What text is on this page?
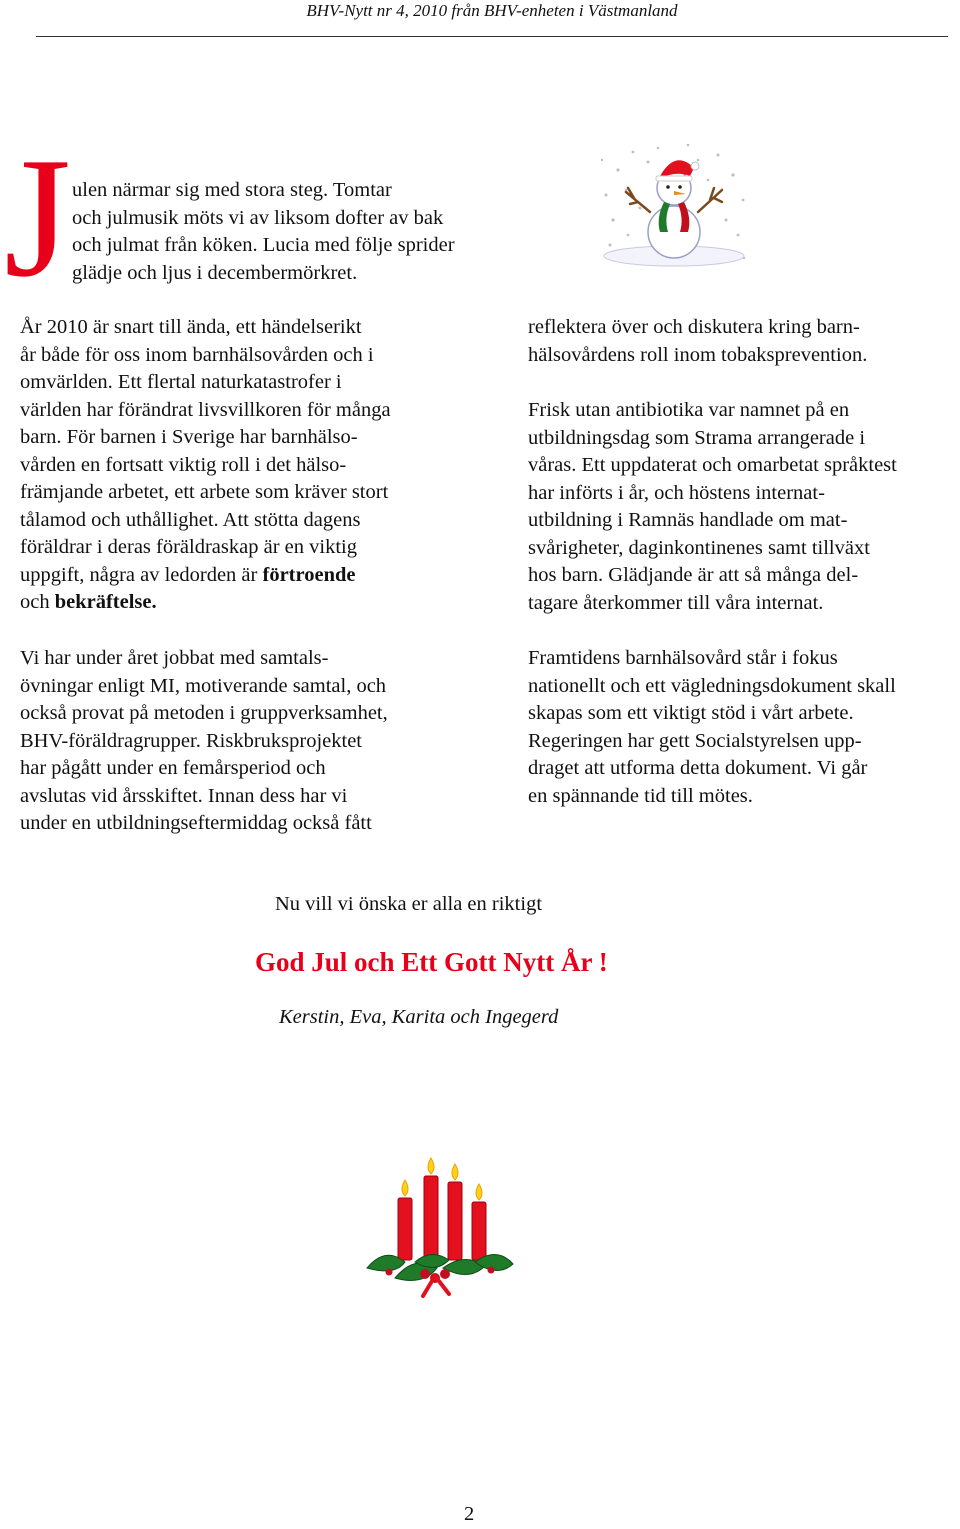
BHV-Nytt nr 4, 2010 från BHV-enheten i Västmanland
J ulen närmar sig med stora steg. Tomtar
och julmusik möts vi av liksom dofter av bak
och julmat från köken. Lucia med följe sprider
glädje och ljus i decembermörkret.
År 2010 är snart till ända, ett händelserikt
år både för oss inom barnhälsovården och i
omvärlden. Ett flertal naturkatastrofer i
världen har förändrat livsvillkoren för många
barn. För barnen i Sverige har barnhälso-
vården en fortsatt viktig roll i det hälso-
främjande arbetet, ett arbete som kräver stort
tålamod och uthållighet. Att stötta dagens
föräldrar i deras föräldraskap är en viktig
uppgift, några av ledorden är förtroende
och bekräftelse.
Vi har under året jobbat med samtals-
övningar enligt MI, motiverande samtal, och
också provat på metoden i gruppverksamhet,
BHV-föräldragrupper. Riskbruksprojektet
har pågått under en femårsperiod och
avslutas vid årsskiftet. Innan dess har vi
under en utbildningseftermiddag också fått
reflektera över och diskutera kring barn-
hälsovårdens roll inom tobaksprevention.
Frisk utan antibiotika var namnet på en
utbildningsdag som Strama arrangerade i
våras. Ett uppdaterat och omarbetat språktest
har införts i år, och höstens internat-
utbildning i Ramnäs handlade om mat-
svårigheter, daginkontinenes samt tillväxt
hos barn. Glädjande är att så många del-
tagare återkommer till våra internat.
Framtidens barnhälsovård står i fokus
nationellt och ett vägledningsdokument skall
skapas som ett viktigt stöd i vårt arbete.
Regeringen har gett Socialstyrelsen upp-
draget att utforma detta dokument. Vi går
en spännande tid till mötes.
Nu vill vi önska er alla en riktigt
God Jul och Ett Gott Nytt År !
Kerstin, Eva, Karita och Ingegerd
2
